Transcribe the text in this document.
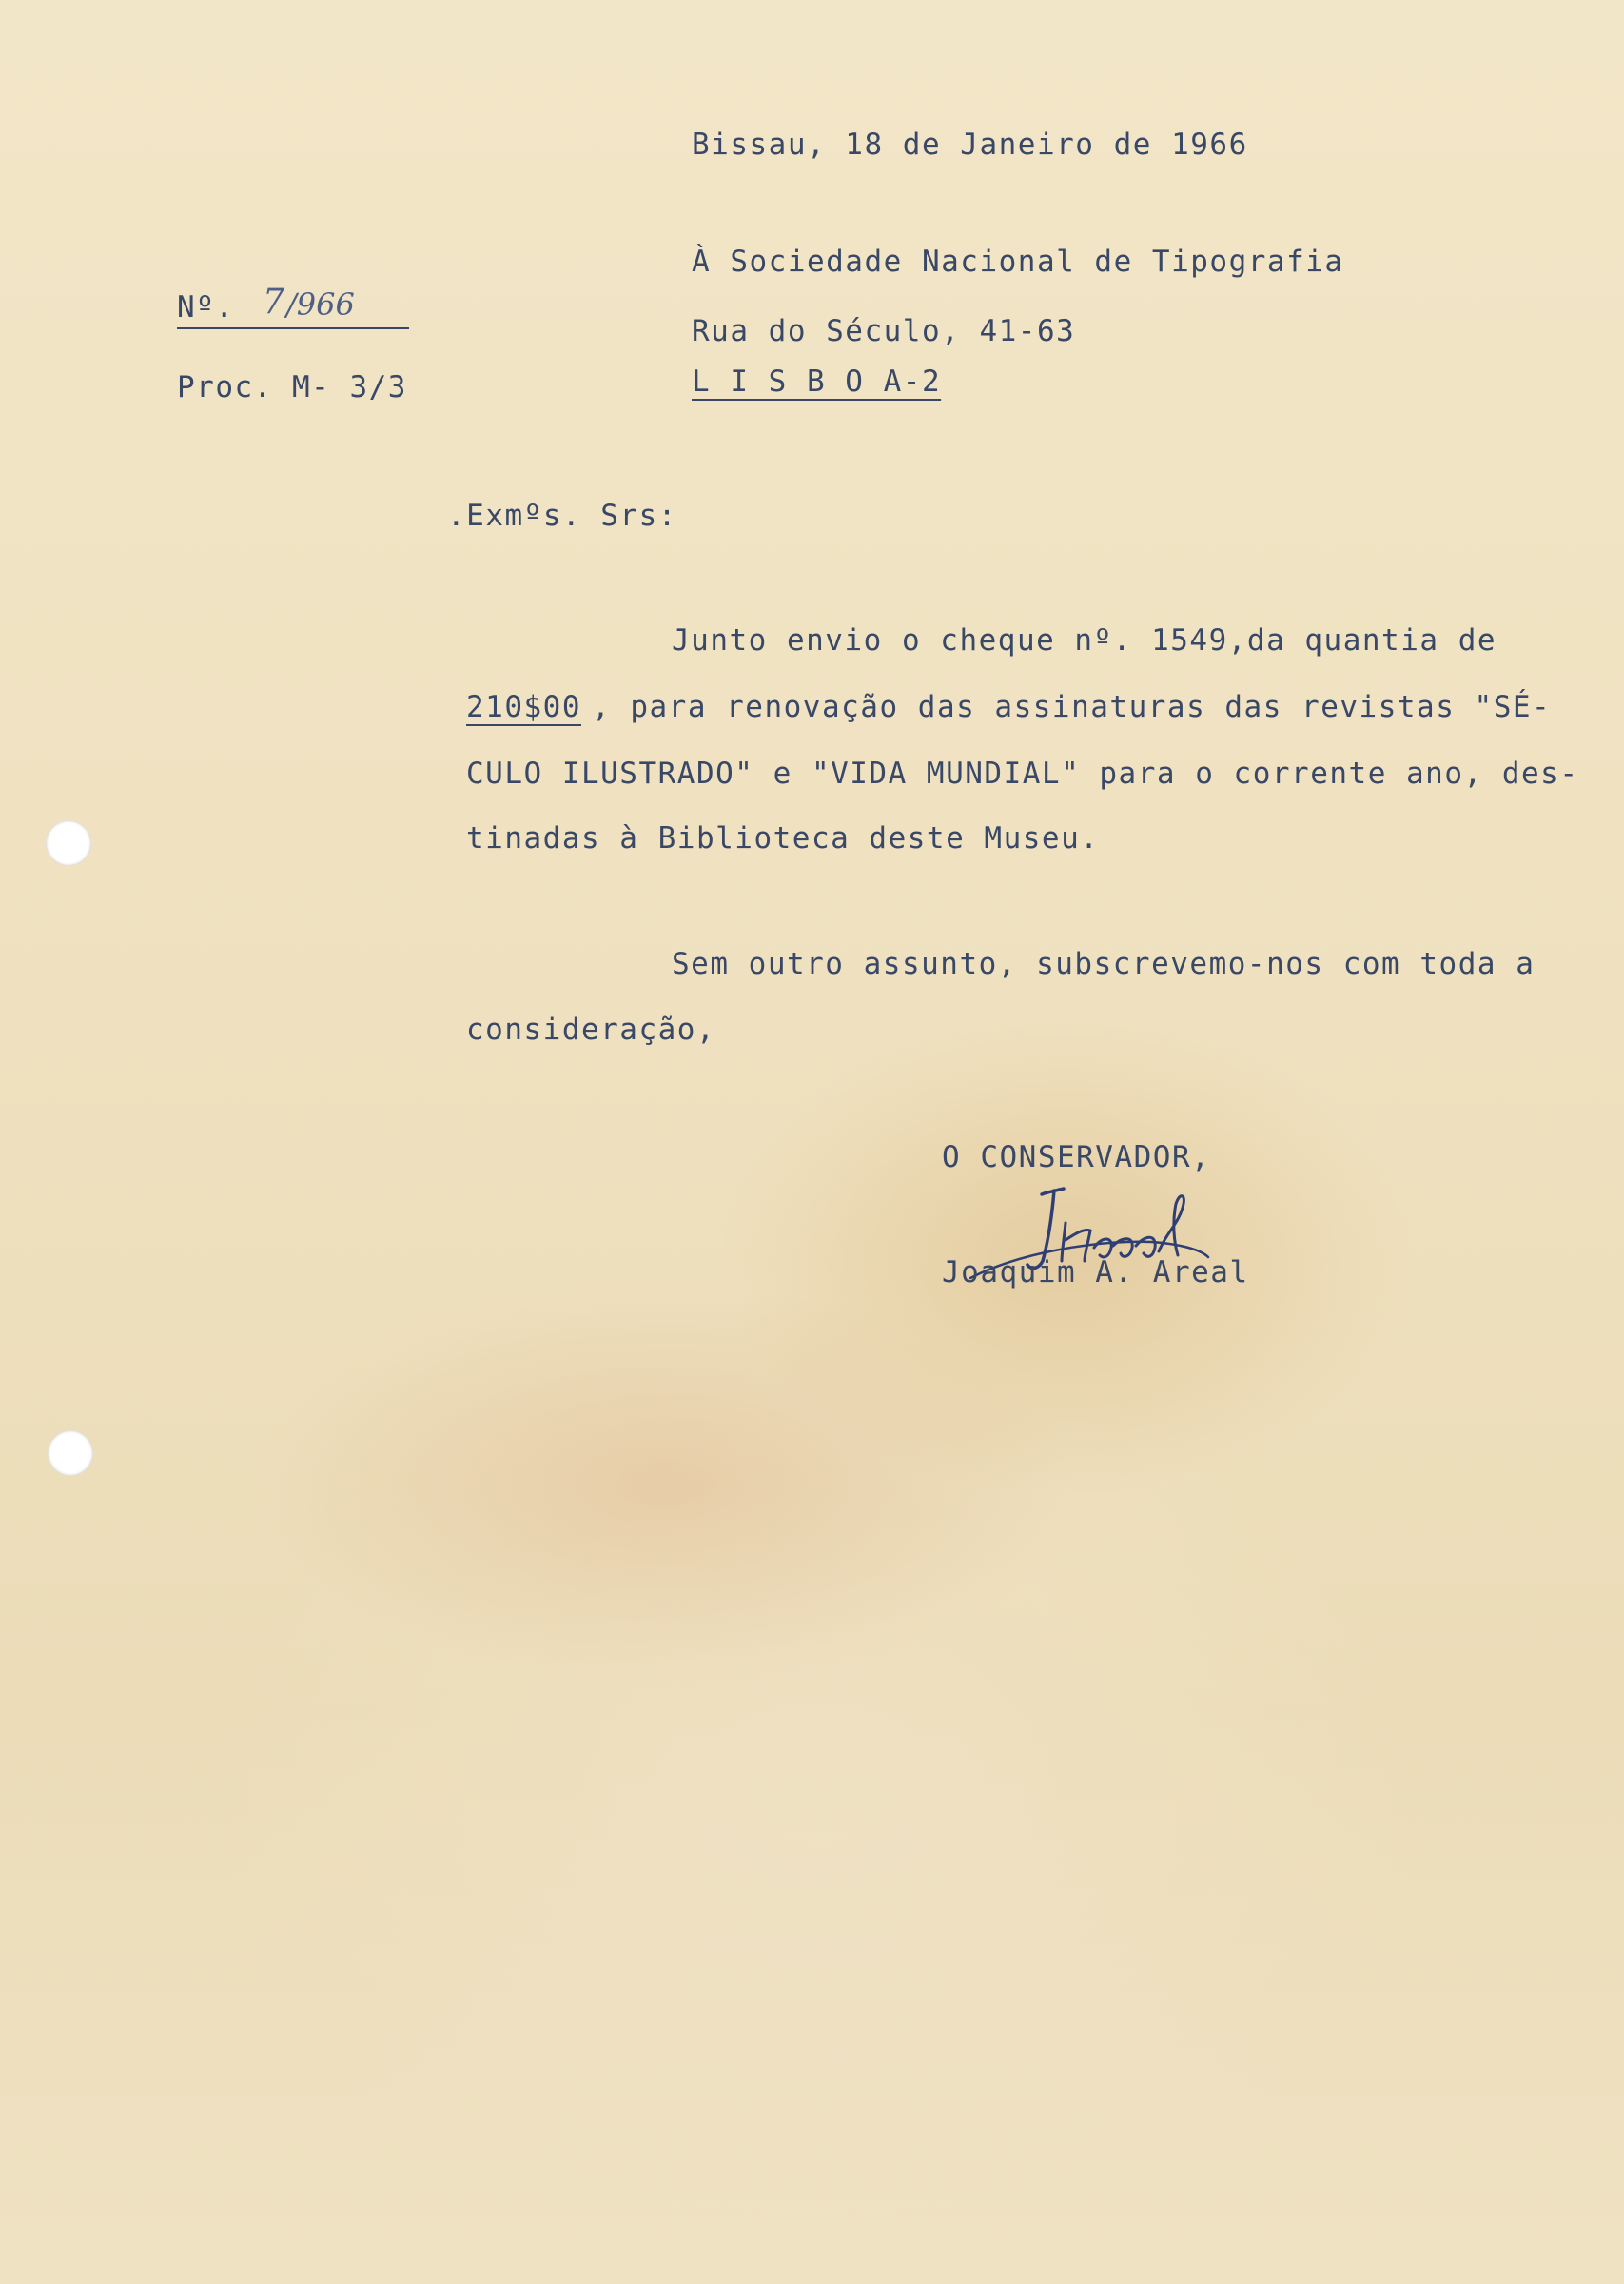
Bissau, 18 de Janeiro de 1966
Nº. 7 /966
Proc. M- 3/3
À Sociedade Nacional de Tipografia
Rua do Século, 41-63
L I S B O A-2
.Exmºs. Srs:
Junto envio o cheque nº. 1549,da quantia de
210$00 , para renovação das assinaturas das revistas "SÉ-
CULO ILUSTRADO" e "VIDA MUNDIAL" para o corrente ano, des-
tinadas à Biblioteca deste Museu.
Sem outro assunto, subscrevemo-nos com toda a
consideração,
O CONSERVADOR,
Joaquim A. Areal
